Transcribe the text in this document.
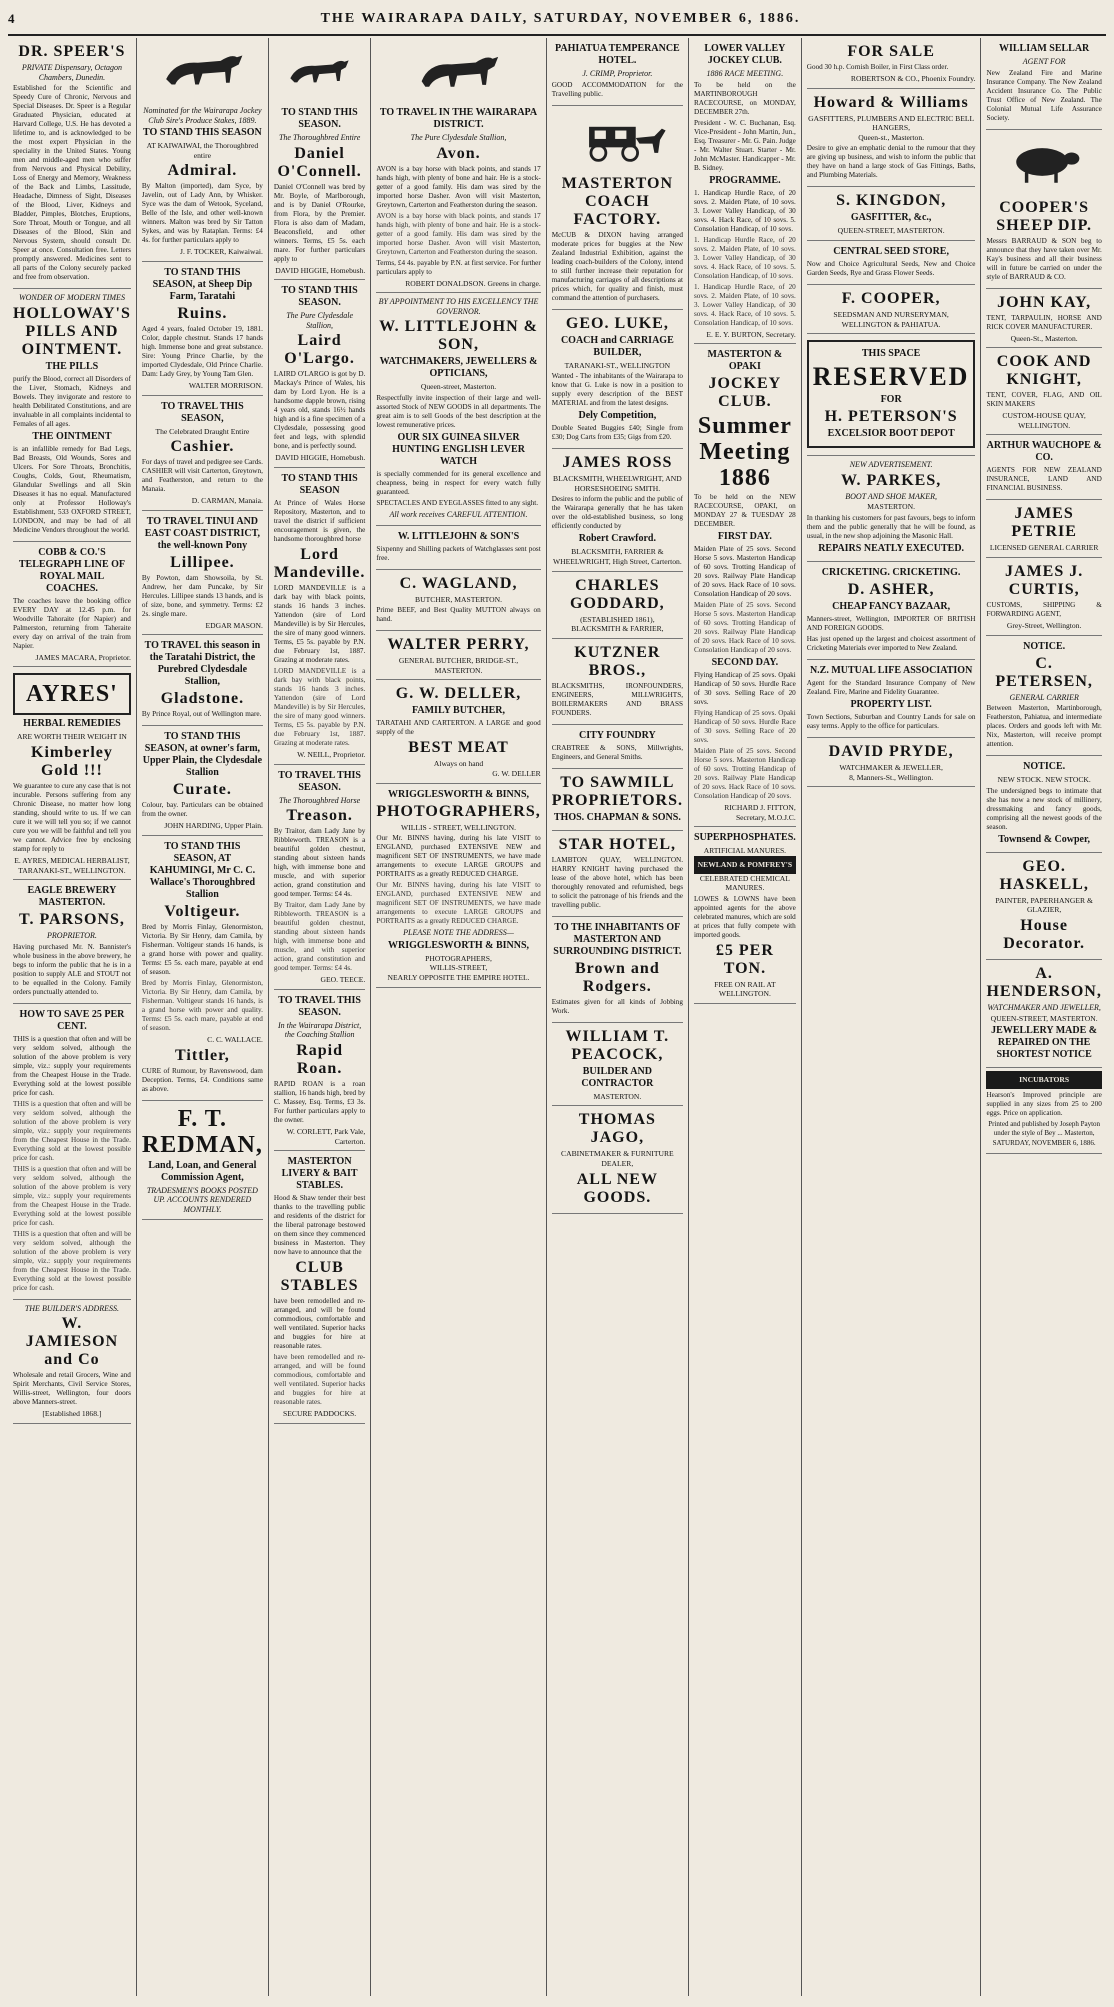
4	THE WAIRARAPA DAILY, SATURDAY, NOVEMBER 6, 1886.
DR. SPEER'S
PRIVATE Dispensary, Octagon Chambers, Dunedin.

Established for the Scientific and Speedy Cure of Chronic, Nervous and Special Diseases. Dr. Speer is a Regular Graduated Physician, educated at Harvard College, U.S. He has devoted a lifetime to, and is acknowledged to be the most expert Physician in the speciality in the United States. Young men and middle-aged men who suffer from Nervous and Physical Debility, Loss of Energy and Memory, Weakness of the Back and Limbs, Lassitude, Headache, Dimness of Sight, Diseases of the Blood, Liver, Kidneys and Bladder, Pimples, Blotches, Eruptions, Sore Throat, Mouth or Tongue, and all Diseases of the Blood, Skin and Nervous System, should consult Dr. Speer at once. Consultation free. Letters promptly answered. Medicines sent to all parts of the Colony securely packed and free from observation.

WONDER OF MODERN TIMES
HOLLOWAY'S PILLS AND OINTMENT.
THE PILLS

purify the Blood, correct all Disorders of the Liver, Stomach, Kidneys and Bowels. They invigorate and restore to health Debilitated Constitutions, and are invaluable in all complaints incidental to Females of all ages.

THE OINTMENT

is an infallible remedy for Bad Legs, Bad Breasts, Old Wounds, Sores and Ulcers. For Sore Throats, Bronchitis, Coughs, Colds, Gout, Rheumatism, Glandular Swellings and all Skin Diseases it has no equal. Manufactured only at Professor Holloway's Establishment, 533 OXFORD STREET, LONDON, and may be had of all Medicine Vendors throughout the world.

COBB & CO.'S TELEGRAPH LINE OF ROYAL MAIL COACHES.

The coaches leave the booking office EVERY DAY at 12.45 p.m. for Woodville Tahoraite (for Napier) and Palmerston, returning from Taheraite every day on arrival of the train from Napier.

JAMES MACARA, Proprietor.
AYRES'
HERBAL REMEDIES
ARE WORTH THEIR WEIGHT IN
Kimberley Gold !!!

We guarantee to cure any case that is not incurable. Persons suffering from any Chronic Disease, no matter how long standing, should write to us. If we can cure it we will tell you so; if we cannot cure you we will be faithful and tell you we cannot. Advice free by enclosing stamp for reply to

E. AYRES, MEDICAL HERBALIST, TARANAKI-ST., WELLINGTON.
EAGLE BREWERY MASTERTON.
T. PARSONS,
PROPRIETOR.

Having purchased Mr. N. Bannister's whole business in the above brewery, he begs to inform the public that he is in a position to supply ALE and STOUT not to be equalled in the Colony. Family orders punctually attended to.

HOW TO SAVE 25 PER CENT.

THIS is a question that often and will be very seldom solved, although the solution of the above problem is very simple, viz.: supply your requirements from the Cheapest House in the Trade. Everything sold at the lowest possible price for cash.

THIS is a question that often and will be very seldom solved, although the solution of the above problem is very simple, viz.: supply your requirements from the Cheapest House in the Trade. Everything sold at the lowest possible price for cash.

THIS is a question that often and will be very seldom solved, although the solution of the above problem is very simple, viz.: supply your requirements from the Cheapest House in the Trade. Everything sold at the lowest possible price for cash.

THIS is a question that often and will be very seldom solved, although the solution of the above problem is very simple, viz.: supply your requirements from the Cheapest House in the Trade. Everything sold at the lowest possible price for cash.

THE BUILDER'S ADDRESS.
W. JAMIESON and Co

Wholesale and retail Grocers, Wine and Spirit Merchants, Civil Service Stores, Willis-street, Wellington, four doors above Manners-street.

[Established 1868.]
Nominated for the Wairarapa Jockey Club Sire's Produce Stakes, 1889.
TO STAND THIS SEASON
AT KAIWAIWAI, the Thoroughbred entire
Admiral.

By Malton (imported), dam Syce, by Javelin, out of Lady Ann, by Whisker. Syce was the dam of Wetook, Syceland, Belle of the Isle, and other well-known winners. Malton was bred by Sir Tatton Sykes, and was by Rataplan. Terms: £4 4s. for further particulars apply to

J. F. TOCKER, Kaiwaiwai.
TO STAND THIS SEASON, at Sheep Dip Farm, Taratahi
Ruins.

Aged 4 years, foaled October 19, 1881. Color, dapple chestnut. Stands 17 hands high. Immense bone and great substance. Sire: Young Prince Charlie, by the imported Clydesdale, Old Prince Charlie. Dam: Lady Grey, by Young Tam Glen.

WALTER MORRISON.
TO TRAVEL THIS SEASON,
The Celebrated Draught Entire
Cashier.

For days of travel and pedigree see Cards. CASHIER will visit Carterton, Greytown, and Featherston, and return to the Manaia.

D. CARMAN, Manaia.
TO TRAVEL TINUI AND EAST COAST DISTRICT, the well-known Pony
Lillipee.

By Powton, dam Showsoila, by St. Andrew, her dam Puncake, by Sir Hercules. Lillipee stands 13 hands, and is of size, bone, and symmetry. Terms: £2 2s. single mare.

EDGAR MASON.
TO TRAVEL this season in the Taratahi District, the Purebred Clydesdale Stallion,
Gladstone.

By Prince Royal, out of Wellington mare.

TO STAND THIS SEASON, at owner's farm, Upper Plain, the Clydesdale Stallion
Curate.

Colour, bay. Particulars can be obtained from the owner.

JOHN HARDING, Upper Plain.
TO STAND THIS SEASON, AT KAHUMINGI, Mr C. C. Wallace's Thoroughbred Stallion
Voltigeur.

Bred by Morris Finlay, Glenormiston, Victoria. By Sir Henry, dam Camila, by Fisherman. Voltigeur stands 16 hands, is a grand horse with power and quality. Terms: £5 5s. each mare, payable at end of season.

Bred by Morris Finlay, Glenormiston, Victoria. By Sir Henry, dam Camila, by Fisherman. Voltigeur stands 16 hands, is a grand horse with power and quality. Terms: £5 5s. each mare, payable at end of season.

C. C. WALLACE.
Tittler,

CURE of Rumour, by Ravenswood, dam Deception. Terms, £4. Conditions same as above.

F. T. REDMAN,
Land, Loan, and General Commission Agent,
TRADESMEN'S BOOKS POSTED UP. ACCOUNTS RENDERED MONTHLY.
TO STAND THIS SEASON.
The Thoroughbred Entire
Daniel O'Connell.

Daniel O'Connell was bred by Mr. Boyle, of Marlborough, and is by Daniel O'Rourke, from Flora, by the Premier. Flora is also dam of Madam, Beaconsfield, and other winners. Terms, £5 5s. each mare. For further particulars apply to

DAVID HIGGIE, Homebush.
TO STAND THIS SEASON.
The Pure Clydesdale Stallion,
Laird O'Largo.

LAIRD O'LARGO is got by D. Mackay's Prince of Wales, his dam by Lord Lyon. He is a handsome dapple brown, rising 4 years old, stands 16½ hands high and is a fine specimen of a Clydesdale, possessing good feet and legs, with splendid bone, and is perfectly sound.

DAVID HIGGIE, Homebush.
TO STAND THIS SEASON

At Prince of Wales Horse Repository, Masterton, and to travel the district if sufficient encouragement is given, the handsome thoroughbred horse

Lord Mandeville.

LORD MANDEVILLE is a dark bay with black points, stands 16 hands 3 inches. Yattendon (sire of Lord Mandeville) is by Sir Hercules, the sire of many good winners. Terms, £5 5s. payable by P.N. due February 1st, 1887. Grazing at moderate rates.

LORD MANDEVILLE is a dark bay with black points, stands 16 hands 3 inches. Yattendon (sire of Lord Mandeville) is by Sir Hercules, the sire of many good winners. Terms, £5 5s. payable by P.N. due February 1st, 1887. Grazing at moderate rates.

W. NEILL, Proprietor.
TO TRAVEL THIS SEASON.
The Thoroughbred Horse
Treason.

By Traitor, dam Lady Jane by Ribbleworth. TREASON is a beautiful golden chestnut, standing about sixteen hands high, with immense bone and muscle, and with superior action, grand constitution and good temper. Terms: £4 4s.

By Traitor, dam Lady Jane by Ribbleworth. TREASON is a beautiful golden chestnut, standing about sixteen hands high, with immense bone and muscle, and with superior action, grand constitution and good temper. Terms: £4 4s.

GEO. TEECE.
TO TRAVEL THIS SEASON.
In the Wairarapa District, the Coaching Stallion
Rapid Roan.

RAPID ROAN is a roan stallion, 16 hands high, bred by C. Massey, Esq. Terms, £3 3s. For further particulars apply to the owner.

W. CORLETT, Park Vale, Carterton.
MASTERTON LIVERY & BAIT STABLES.

Hood & Shaw tender their best thanks to the travelling public and residents of the district for the liberal patronage bestowed on them since they commenced business in Masterton. They now have to announce that the

CLUB STABLES

have been remodelled and re-arranged, and will be found commodious, comfortable and well ventilated. Superior hacks and buggies for hire at reasonable rates.

have been remodelled and re-arranged, and will be found commodious, comfortable and well ventilated. Superior hacks and buggies for hire at reasonable rates.

SECURE PADDOCKS.
TO TRAVEL IN THE WAIRARAPA DISTRICT.
The Pure Clydesdale Stallion,
Avon.

AVON is a bay horse with black points, and stands 17 hands high, with plenty of bone and hair. He is a stock-getter of a good family. His dam was sired by the imported horse Dasher. Avon will visit Masterton, Greytown, Carterton and Featherston during the season.

AVON is a bay horse with black points, and stands 17 hands high, with plenty of bone and hair. He is a stock-getter of a good family. His dam was sired by the imported horse Dasher. Avon will visit Masterton, Greytown, Carterton and Featherston during the season.

Terms, £4 4s. payable by P.N. at first service. For further particulars apply to

ROBERT DONALDSON. Greens in charge.
BY APPOINTMENT TO HIS EXCELLENCY THE GOVERNOR.
W. LITTLEJOHN & SON,
WATCHMAKERS, JEWELLERS & OPTICIANS,
Queen-street, Masterton.

Respectfully invite inspection of their large and well-assorted Stock of NEW GOODS in all departments. The great aim is to sell Goods of the best description at the lowest remunerative prices.

OUR SIX GUINEA SILVER HUNTING ENGLISH LEVER WATCH

is specially commended for its general excellence and cheapness, being in respect for every watch fully guaranteed.

SPECTACLES AND EYEGLASSES fitted to any sight.

All work receives CAREFUL ATTENTION.
W. LITTLEJOHN & SON'S

Sixpenny and Shilling packets of Watchglasses sent post free.

C. WAGLAND,
BUTCHER, MASTERTON.

Prime BEEF, and Best Quality MUTTON always on hand.

WALTER PERRY,
GENERAL BUTCHER, BRIDGE-ST., MASTERTON.
G. W. DELLER,
FAMILY BUTCHER,

TARATAHI AND CARTERTON. A LARGE and good supply of the

BEST MEAT
Always on hand
G. W. DELLER
WRIGGLESWORTH & BINNS,
PHOTOGRAPHERS,
WILLIS - STREET, WELLINGTON.

Our Mr. BINNS having, during his late VISIT to ENGLAND, purchased EXTENSIVE NEW and magnificent SET OF INSTRUMENTS, we have made arrangements to execute LARGE GROUPS and PORTRAITS as a greatly REDUCED CHARGE.

Our Mr. BINNS having, during his late VISIT to ENGLAND, purchased EXTENSIVE NEW and magnificent SET OF INSTRUMENTS, we have made arrangements to execute LARGE GROUPS and PORTRAITS as a greatly REDUCED CHARGE.

PLEASE NOTE THE ADDRESS—
WRIGGLESWORTH & BINNS,
PHOTOGRAPHERS,
WILLIS-STREET,
NEARLY OPPOSITE THE EMPIRE HOTEL.
PAHIATUA TEMPERANCE HOTEL.
J. CRIMP, Proprietor.

GOOD ACCOMMODATION for the Travelling public.

MASTERTON COACH FACTORY.

McCUB & DIXON having arranged moderate prices for buggies at the New Zealand Industrial Exhibition, against the leading coach-builders of the Colony, intend to still further increase their reputation for manufacturing carriages of all descriptions at prices which, for quality and finish, must command the attention of purchasers.

GEO. LUKE,
COACH and CARRIAGE BUILDER,
TARANAKI-ST., WELLINGTON

Wanted - The inhabitants of the Wairarapa to know that G. Luke is now in a position to supply every description of the BEST MATERIAL and from the latest designs.

Dely Competition,

Double Seated Buggies £40; Single from £30; Dog Carts from £35; Gigs from £20.

JAMES ROSS
BLACKSMITH, WHEELWRIGHT, AND HORSESHOEING SMITH.

Desires to inform the public and the public of the Wairarapa generally that he has taken over the old-established business, so long efficiently conducted by

Robert Crawford.
BLACKSMITH, FARRIER & WHEELWRIGHT, High Street, Carterton.
CHARLES GODDARD,
(ESTABLISHED 1861),
BLACKSMITH & FARRIER,
KUTZNER BROS.,

BLACKSMITHS, IRONFOUNDERS, ENGINEERS, MILLWRIGHTS, BOILERMAKERS AND BRASS FOUNDERS.

CITY FOUNDRY

CRABTREE & SONS, Millwrights, Engineers, and General Smiths.

TO SAWMILL PROPRIETORS.
THOS. CHAPMAN & SONS.
STAR HOTEL,

LAMBTON QUAY, WELLINGTON. HARRY KNIGHT having purchased the lease of the above hotel, which has been thoroughly renovated and refurnished, begs to solicit the patronage of his friends and the travelling public.

TO THE INHABITANTS OF MASTERTON AND SURROUNDING DISTRICT.
Brown and Rodgers.

Estimates given for all kinds of Jobbing Work.

WILLIAM T. PEACOCK,
BUILDER AND CONTRACTOR
MASTERTON.
THOMAS JAGO,
CABINETMAKER & FURNITURE DEALER,
ALL NEW GOODS.
LOWER VALLEY JOCKEY CLUB.
1886 RACE MEETING.

To be held on the MARTINBOROUGH RACECOURSE, on MONDAY, DECEMBER 27th.

President - W. C. Buchanan, Esq. Vice-President - John Martin, Jun., Esq. Treasurer - Mr. G. Pain. Judge - Mr. Walter Stuart. Starter - Mr. John McMaster. Handicapper - Mr. B. Sidney.

PROGRAMME.

1. Handicap Hurdle Race, of 20 sovs. 2. Maiden Plate, of 10 sovs. 3. Lower Valley Handicap, of 30 sovs. 4. Hack Race, of 10 sovs. 5. Consolation Handicap, of 10 sovs.

1. Handicap Hurdle Race, of 20 sovs. 2. Maiden Plate, of 10 sovs. 3. Lower Valley Handicap, of 30 sovs. 4. Hack Race, of 10 sovs. 5. Consolation Handicap, of 10 sovs.

1. Handicap Hurdle Race, of 20 sovs. 2. Maiden Plate, of 10 sovs. 3. Lower Valley Handicap, of 30 sovs. 4. Hack Race, of 10 sovs. 5. Consolation Handicap, of 10 sovs.

E. E. Y. BURTON, Secretary.
MASTERTON & OPAKI
JOCKEY CLUB.
Summer Meeting 1886

To be held on the NEW RACECOURSE, OPAKI, on MONDAY 27 & TUESDAY 28 DECEMBER.

FIRST DAY.

Maiden Plate of 25 sovs. Second Horse 5 sovs. Masterton Handicap of 60 sovs. Trotting Handicap of 20 sovs. Railway Plate Handicap of 20 sovs. Hack Race of 10 sovs. Consolation Handicap of 20 sovs.

Maiden Plate of 25 sovs. Second Horse 5 sovs. Masterton Handicap of 60 sovs. Trotting Handicap of 20 sovs. Railway Plate Handicap of 20 sovs. Hack Race of 10 sovs. Consolation Handicap of 20 sovs.

SECOND DAY.

Flying Handicap of 25 sovs. Opaki Handicap of 50 sovs. Hurdle Race of 30 sovs. Selling Race of 20 sovs.

Flying Handicap of 25 sovs. Opaki Handicap of 50 sovs. Hurdle Race of 30 sovs. Selling Race of 20 sovs.

Maiden Plate of 25 sovs. Second Horse 5 sovs. Masterton Handicap of 60 sovs. Trotting Handicap of 20 sovs. Railway Plate Handicap of 20 sovs. Hack Race of 10 sovs. Consolation Handicap of 20 sovs.

RICHARD J. FITTON, Secretary, M.O.J.C.
SUPERPHOSPHATES.
ARTIFICIAL MANURES.
NEWLAND & POMFREY'S
CELEBRATED CHEMICAL MANURES.

LOWES & LOWNS have been appointed agents for the above celebrated manures, which are sold at prices that fully compete with imported goods.

£5 PER TON.
FREE ON RAIL AT WELLINGTON.
FOR SALE

Good 30 h.p. Cornish Boiler, in First Class order.

ROBERTSON & CO., Phoenix Foundry.
Howard & Williams
GASFITTERS, PLUMBERS AND ELECTRIC BELL HANGERS,
Queen-st., Masterton.

Desire to give an emphatic denial to the rumour that they are giving up business, and wish to inform the public that they have on hand a large stock of Gas Fittings, Baths, and Plumbing Materials.

S. KINGDON,
GASFITTER, &c.,
QUEEN-STREET, MASTERTON.
CENTRAL SEED STORE,

Now and Choice Agricultural Seeds, New and Choice Garden Seeds, Rye and Grass Flower Seeds.

F. COOPER,
SEEDSMAN AND NURSERYMAN,
WELLINGTON & PAHIATUA.
THIS SPACE
RESERVED
FOR
H. PETERSON'S
EXCELSIOR BOOT DEPOT
NEW ADVERTISEMENT.
W. PARKES,
BOOT AND SHOE MAKER,
MASTERTON.

In thanking his customers for past favours, begs to inform them and the public generally that he will be found, as usual, in the new shop adjoining the Masonic Hall.

REPAIRS NEATLY EXECUTED.
CRICKETING. CRICKETING.
D. ASHER,
CHEAP FANCY BAZAAR,

Manners-street, Wellington, IMPORTER OF BRITISH AND FOREIGN GOODS.

Has just opened up the largest and choicest assortment of Cricketing Materials ever imported to New Zealand.

N.Z. MUTUAL LIFE ASSOCIATION

Agent for the Standard Insurance Company of New Zealand. Fire, Marine and Fidelity Guarantee.

PROPERTY LIST.

Town Sections, Suburban and Country Lands for sale on easy terms. Apply to the office for particulars.

DAVID PRYDE,
WATCHMAKER & JEWELLER,
8, Manners-St., Wellington.
WILLIAM SELLAR
AGENT FOR

New Zealand Fire and Marine Insurance Company. The New Zealand Accident Insurance Co. The Public Trust Office of New Zealand. The Colonial Mutual Life Assurance Society.

COOPER'S SHEEP DIP.

Messrs BARRAUD & SON beg to announce that they have taken over Mr. Kay's business and all their business will in future be carried on under the style of BARRAUD & CO.

JOHN KAY,

TENT, TARPAULIN, HORSE AND RICK COVER MANUFACTURER.

Queen-St., Masterton.
COOK AND KNIGHT,

TENT, COVER, FLAG, AND OIL SKIN MAKERS

CUSTOM-HOUSE QUAY, WELLINGTON.
ARTHUR WAUCHOPE & CO.

AGENTS FOR NEW ZEALAND INSURANCE, LAND AND FINANCIAL BUSINESS.

JAMES PETRIE
LICENSED GENERAL CARRIER
JAMES J. CURTIS,

CUSTOMS, SHIPPING & FORWARDING AGENT,

Grey-Street, Wellington.
NOTICE.
C. PETERSEN,
GENERAL CARRIER

Between Masterton, Martinborough, Featherston, Pahiatua, and intermediate places. Orders and goods left with Mr. Nix, Masterton, will receive prompt attention.

NOTICE.
NEW STOCK. NEW STOCK.

The undersigned begs to intimate that she has now a new stock of millinery, dressmaking and fancy goods, comprising all the newest goods of the season.

Townsend & Cowper,
GEO. HASKELL,
PAINTER, PAPERHANGER & GLAZIER,
House Decorator.
A. HENDERSON,
WATCHMAKER AND JEWELLER,
QUEEN-STREET, MASTERTON.
JEWELLERY MADE & REPAIRED ON THE SHORTEST NOTICE
INCUBATORS

Hearson's Improved principle are supplied in any sizes from 25 to 200 eggs. Price on application.

Printed and published by Joseph Payton under the style of Bey ... Masterton, SATURDAY, NOVEMBER 6, 1886.
